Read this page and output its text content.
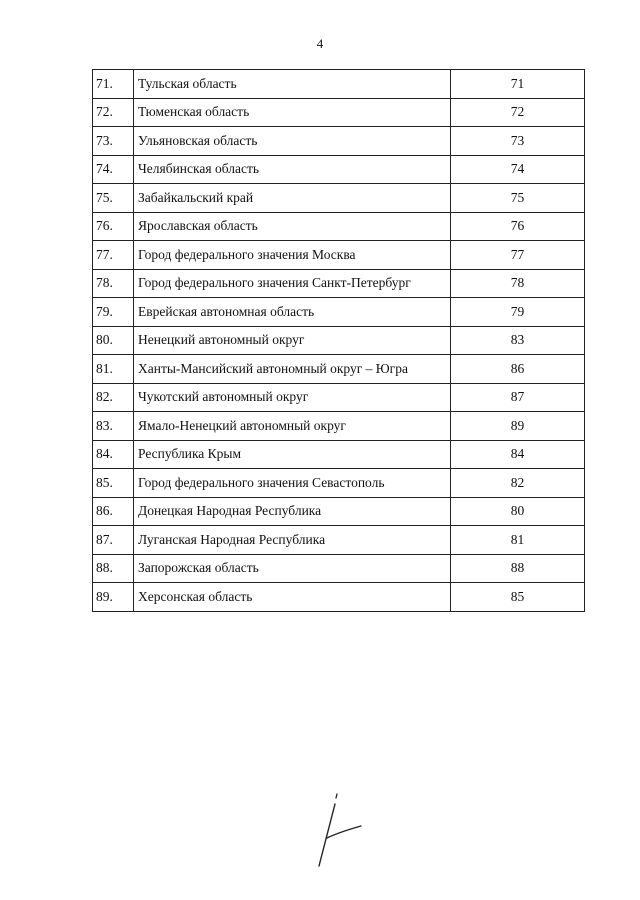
4
71.	Тульская область	71
72.	Тюменская область	72
73.	Ульяновская область	73
74.	Челябинская область	74
75.	Забайкальский край	75
76.	Ярославская область	76
77.	Город федерального значения Москва	77
78.	Город федерального значения Санкт-Петербург	78
79.	Еврейская автономная область	79
80.	Ненецкий автономный округ	83
81.	Ханты-Мансийский автономный округ – Югра	86
82.	Чукотский автономный округ	87
83.	Ямало-Ненецкий автономный округ	89
84.	Республика Крым	84
85.	Город федерального значения Севастополь	82
86.	Донецкая Народная Республика	80
87.	Луганская Народная Республика	81
88.	Запорожская область	88
89.	Херсонская область	85
